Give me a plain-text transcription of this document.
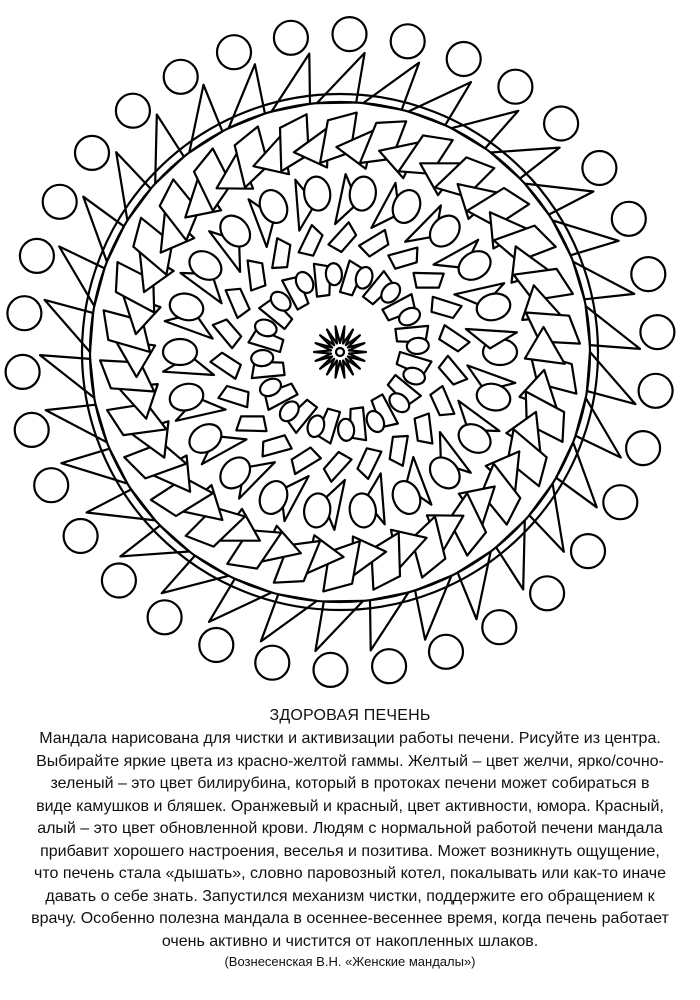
ЗДОРОВАЯ ПЕЧЕНЬ
Мандала нарисована для чистки и активизации работы печени. Рисуйте из центра.
Выбирайте яркие цвета из красно-желтой гаммы. Желтый – цвет желчи, ярко/сочно-
зеленый – это цвет билирубина, который в протоках печени может собираться в
виде камушков и бляшек. Оранжевый и красный, цвет активности, юмора. Красный,
алый – это цвет обновленной крови. Людям с нормальной работой печени мандала
прибавит хорошего настроения, веселья и позитива. Может возникнуть ощущение,
что печень стала «дышать», словно паровозный котел, покалывать или как-то иначе
давать о себе знать. Запустился механизм чистки, поддержите его обращением к
врачу. Особенно полезна мандала в осеннее-весеннее время, когда печень работает
очень активно и чистится от накопленных шлаков.
(Вознесенская В.Н. «Женские мандалы»)
